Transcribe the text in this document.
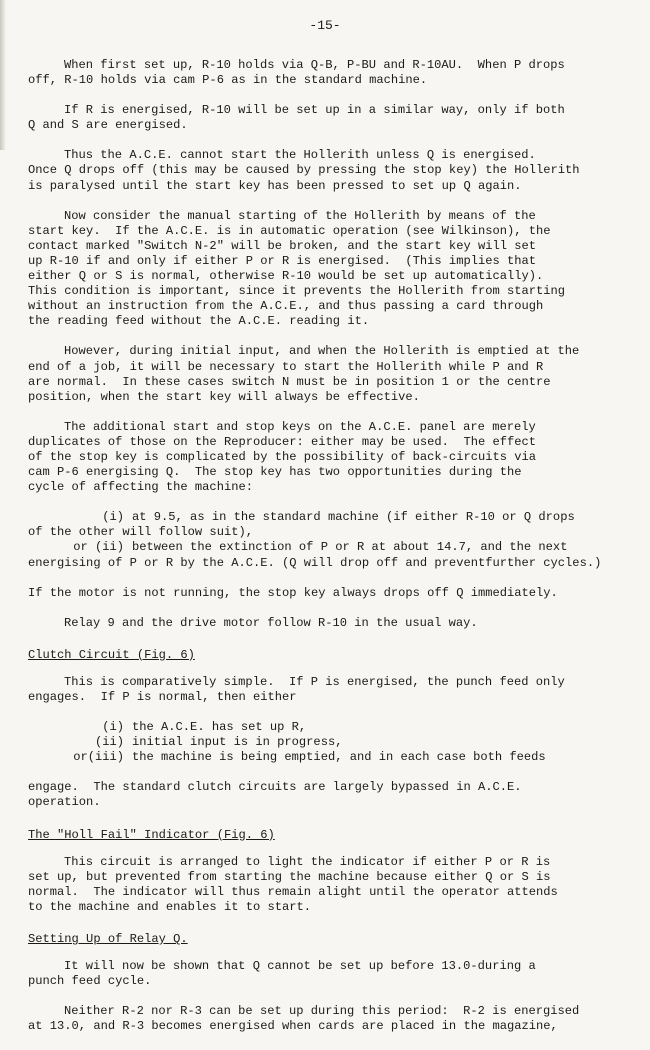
-15-
When first set up, R-10 holds via Q-B, P-BU and R-10AU.  When P drops
off, R-10 holds via cam P-6 as in the standard machine.
If R is energised, R-10 will be set up in a similar way, only if both
Q and S are energised.
Thus the A.C.E. cannot start the Hollerith unless Q is energised.
Once Q drops off (this may be caused by pressing the stop key) the Hollerith
is paralysed until the start key has been pressed to set up Q again.
Now consider the manual starting of the Hollerith by means of the
start key.  If the A.C.E. is in automatic operation (see Wilkinson), the
contact marked "Switch N-2" will be broken, and the start key will set
up R-10 if and only if either P or R is energised.  (This implies that
either Q or S is normal, otherwise R-10 would be set up automatically).
This condition is important, since it prevents the Hollerith from starting
without an instruction from the A.C.E., and thus passing a card through
the reading feed without the A.C.E. reading it.
However, during initial input, and when the Hollerith is emptied at the
end of a job, it will be necessary to start the Hollerith while P and R
are normal.  In these cases switch N must be in position 1 or the centre
position, when the start key will always be effective.
The additional start and stop keys on the A.C.E. panel are merely
duplicates of those on the Reproducer: either may be used.  The effect
of the stop key is complicated by the possibility of back-circuits via
cam P-6 energising Q.  The stop key has two opportunities during the
cycle of affecting the machine:
(i) at 9.5, as in the standard machine (if either R-10 or Q drops
of the other will follow suit),
or (ii) between the extinction of P or R at about 14.7, and the next
energising of P or R by the A.C.E. (Q will drop off and preventfurther cycles.)
If the motor is not running, the stop key always drops off Q immediately.
Relay 9 and the drive motor follow R-10 in the usual way.
Clutch Circuit (Fig. 6)
This is comparatively simple.  If P is energised, the punch feed only
engages.  If P is normal, then either
(i) the A.C.E. has set up R,
(ii) initial input is in progress,
or(iii) the machine is being emptied, and in each case both feeds
engage.  The standard clutch circuits are largely bypassed in A.C.E.
operation.
The "Holl Fail" Indicator (Fig. 6)
This circuit is arranged to light the indicator if either P or R is
set up, but prevented from starting the machine because either Q or S is
normal.  The indicator will thus remain alight until the operator attends
to the machine and enables it to start.
Setting Up of Relay Q.
It will now be shown that Q cannot be set up before 13.0-during a
punch feed cycle.
Neither R-2 nor R-3 can be set up during this period:  R-2 is energised
at 13.0, and R-3 becomes energised when cards are placed in the magazine,
